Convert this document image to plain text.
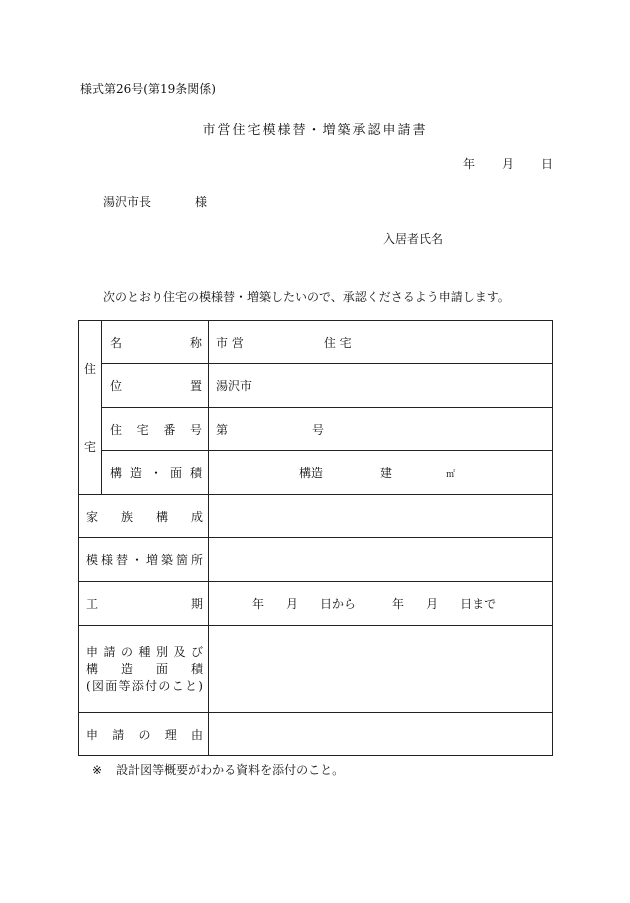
様式第26号(第19条関係)
市営住宅模様替・増築承認申請書
年 月 日
湯沢市長	様
入居者氏名
次のとおり住宅の模様替・増築したいので、承認くださるよう申請します。
住
宅	名称	市 営 住 宅
	位置	湯沢市
	住宅番号	第 号
	構造・面積	構造 建 ㎡
家族構成		
模様替・増築箇所		
工期		年 月 日から 年 月 日まで

申請の種別及び
構造面積
(図面等添付のこと)		

申請の理由		
※ 設計図等概要がわかる資料を添付のこと。
